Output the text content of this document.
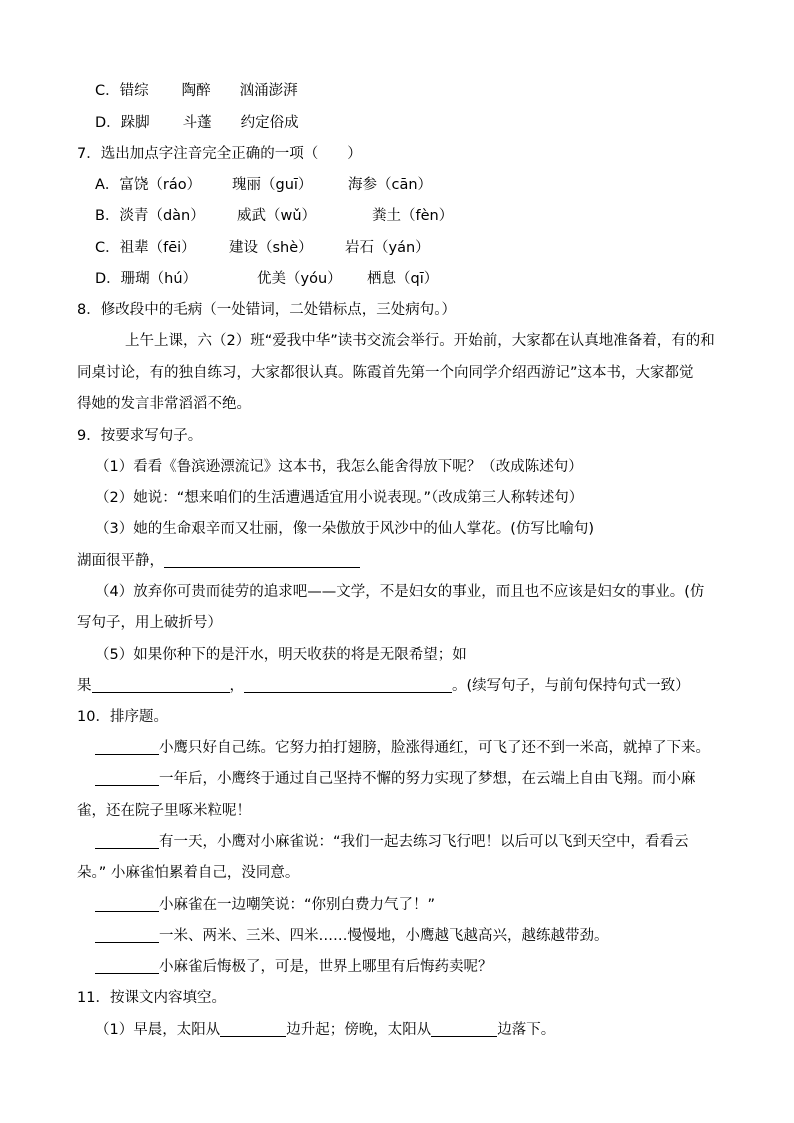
C．错综 陶醉 汹涌澎湃
D．跺脚 斗蓬 约定俗成
7．选出加点字注音完全正确的一项（　　）
A．富饶（ráo） 瑰丽（guī） 海参（cān）
B．淡青（dàn） 威武（wǔ）	粪土（fèn）
C．祖辈（fēi） 建设（shè） 岩石（yán）
D．珊瑚（hú）	优美（yóu） 栖息（qī）
8．修改段中的毛病（一处错词，二处错标点，三处病句。）
上午上课，六（2）班“爱我中华”读书交流会举行。开始前，大家都在认真地准备着，有的和
同桌讨论，有的独自练习，大家都很认真。陈霞首先第一个向同学介绍西游记”这本书，大家都觉
得她的发言非常滔滔不绝。
9．按要求写句子。
（1）看看《鲁滨逊漂流记》这本书，我怎么能舍得放下呢？（改成陈述句）
（2）她说：“想来咱们的生活遭遇适宜用小说表现。”（改成第三人称转述句）
（3）她的生命艰辛而又壮丽，像一朵傲放于风沙中的仙人掌花。(仿写比喻句)
湖面很平静，
（4）放弃你可贵而徒劳的追求吧——文学，不是妇女的事业，而且也不应该是妇女的事业。(仿
写句子，用上破折号）
（5）如果你种下的是汗水，明天收获的将是无限希望；如
果	，	。(续写句子，与前句保持句式一致）
10．排序题。
小鹰只好自己练。它努力拍打翅膀，脸涨得通红，可飞了还不到一米高，就掉了下来。
一年后，小鹰终于通过自己坚持不懈的努力实现了梦想，在云端上自由飞翔。而小麻
雀，还在院子里啄米粒呢！
有一天，小鹰对小麻雀说：“我们一起去练习飞行吧！以后可以飞到天空中，看看云
朵。” 小麻雀怕累着自己，没同意。
小麻雀在一边嘲笑说：“你别白费力气了！”
一米、两米、三米、四米……慢慢地，小鹰越飞越高兴，越练越带劲。
小麻雀后悔极了，可是，世界上哪里有后悔药卖呢？
11．按课文内容填空。
（1）早晨，太阳从	边升起；傍晚，太阳从	边落下。
